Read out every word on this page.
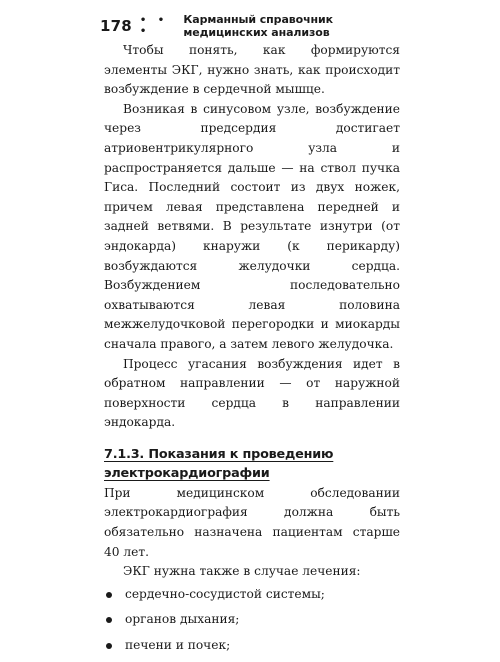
178 • • •
Карманный справочник медицинских анализов

Чтобы понять, как формируются элементы ЭКГ, нужно знать, как происходит возбуждение в сердечной мышце.

Возникая в синусовом узле, возбуждение через предсердия достигает атриовентрикулярного узла и распространяется дальше — на ствол пучка Гиса. Последний состоит из двух ножек, причем левая представлена передней и задней ветвями. В результате изнутри (от эндокарда) кнаружи (к перикарду) возбуждаются желудочки сердца. Возбуждением последовательно охватываются левая половина межжелудочковой перегородки и миокарды сначала правого, а затем левого желудочка.

Процесс угасания возбуждения идет в обратном направлении — от наружной поверхности сердца в направлении эндокарда.

7.1.3. Показания к проведению
электрокардиографии

При медицинском обследовании электрокардиография должна быть обязательно назначена пациентам старше 40 лет.

ЭКГ нужна также в случае лечения:

сердечно-сосудистой системы;
органов дыхания;
печени и почек;
